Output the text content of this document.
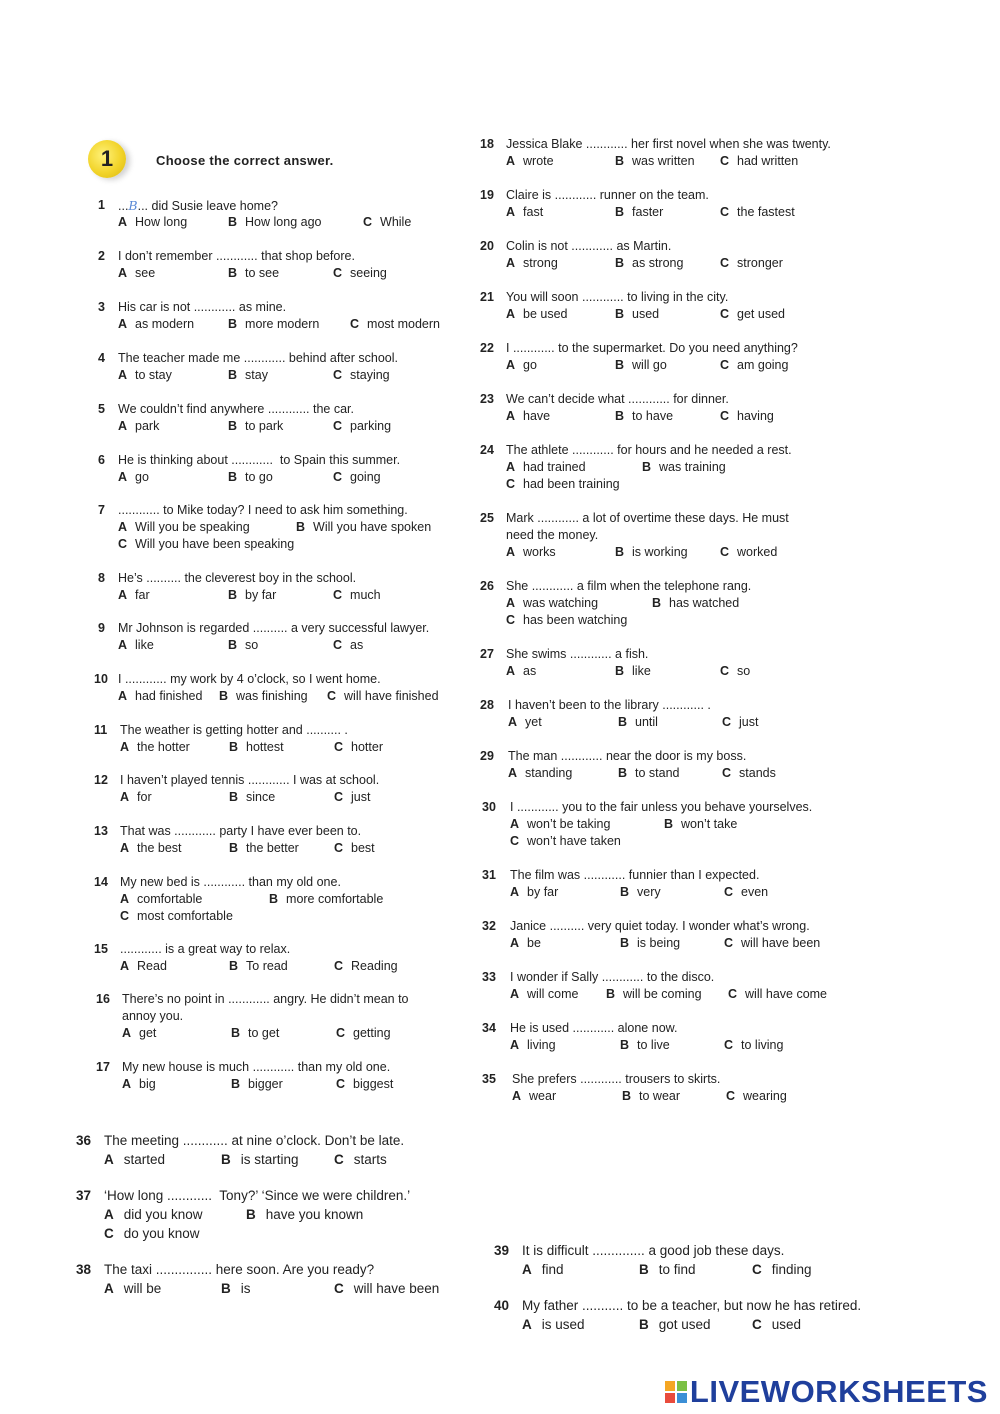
1	Choose the correct answer.
1 ...B... did Susie leave home?
A How long	B How long ago	C While
2 I don’t remember ............ that shop before.
A see	B to see	C seeing
3 His car is not ............ as mine.
A as modern	B more modern C most modern
4 The teacher made me ............ behind after school.
A to stay	B stay	C staying
5 We couldn’t find anywhere ............ the car.
A park	B to park	C parking
6 He is thinking about ............  to Spain this summer.
A go	B to go	C going
7 ............ to Mike today? I need to ask him something.
A Will you be speaking	B Will you have spoken
C Will you have been speaking
8 He’s .......... the cleverest boy in the school.
A far	B by far	C much
9 Mr Johnson is regarded .......... a very successful lawyer.
A like	B so	C as
10 I ............ my work by 4 o’clock, so I went home.
A had finished B was finishing C will have finished
11 The weather is getting hotter and .......... .
A the hotter	B hottest	C hotter
12 I haven’t played tennis ............ I was at school.
A for	B since	C just
13 That was ............ party I have ever been to.
A the best	B the better	C best
14 My new bed is ............ than my old one.
A comfortable	B more comfortable
C most comfortable
15 ............ is a great way to relax.
A Read	B To read	C Reading
16 There’s no point in ............ angry. He didn’t mean to
annoy you.
A get	B to get	C getting
17 My new house is much ............ than my old one.
A big	B bigger	C biggest
18 Jessica Blake ............ her first novel when she was twenty.
A wrote	B was written C had written
19 Claire is ............ runner on the team.
A fast	B faster	C the fastest
20 Colin is not ............ as Martin.
A strong	B as strong	C stronger
21 You will soon ............ to living in the city.
A be used	B used	C get used
22 I ............ to the supermarket. Do you need anything?
A go	B will go	C am going
23 We can’t decide what ............ for dinner.
A have	B to have	C having
24 The athlete ............ for hours and he needed a rest.
A had trained	B was training
C had been training
25 Mark ............ a lot of overtime these days. He must
need the money.
A works	B is working	C worked
26 She ............ a film when the telephone rang.
A was watching	B has watched
C has been watching
27 She swims ............ a fish.
A as	B like	C so
28 I haven’t been to the library ............ .
A yet	B until	C just
29 The man ............ near the door is my boss.
A standing	B to stand	C stands
30 I ............ you to the fair unless you behave yourselves.
A won’t be taking	B won’t take
C won’t have taken
31 The film was ............ funnier than I expected.
A by far	B very	C even
32 Janice .......... very quiet today. I wonder what’s wrong.
A be	B is being	C will have been
33 I wonder if Sally ............ to the disco.
A will come B will be coming C will have come
34 He is used ............ alone now.
A living	B to live	C to living
35 She prefers ............ trousers to skirts.
A wear	B to wear	C wearing
36 The meeting ............ at nine o’clock. Don’t be late.
A started	B is starting	C starts
37 ‘How long ............  Tony?’ ‘Since we were children.’
A did you know	B have you known
C do you know
38 The taxi ............... here soon. Are you ready?
A will be	B is	C will have been
39 It is difficult .............. a good job these days.
A find	B to find	C finding
40 My father ........... to be a teacher, but now he has retired.
A is used	B got used	C used
LIVEWORKSHEETS
